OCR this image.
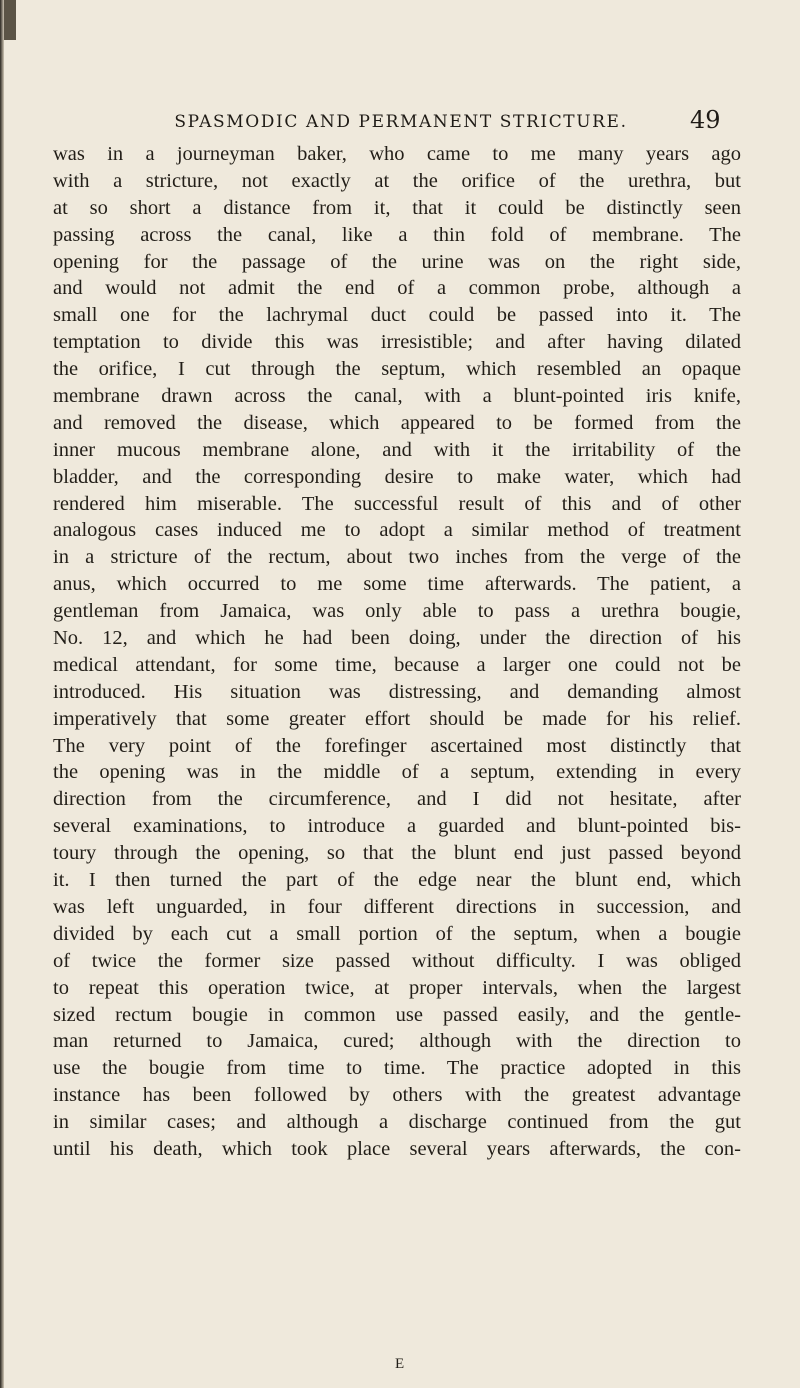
SPASMODIC AND PERMANENT STRICTURE.	49
was in a journeyman baker, who came to me many years ago
with a stricture, not exactly at the orifice of the urethra, but
at so short a distance from it, that it could be distinctly seen
passing across the canal, like a thin fold of membrane. The
opening for the passage of the urine was on the right side,
and would not admit the end of a common probe, although a
small one for the lachrymal duct could be passed into it. The
temptation to divide this was irresistible; and after having dilated
the orifice, I cut through the septum, which resembled an opaque
membrane drawn across the canal, with a blunt-pointed iris knife,
and removed the disease, which appeared to be formed from the
inner mucous membrane alone, and with it the irritability of the
bladder, and the corresponding desire to make water, which had
rendered him miserable. The successful result of this and of other
analogous cases induced me to adopt a similar method of treatment
in a stricture of the rectum, about two inches from the verge of the
anus, which occurred to me some time afterwards. The patient, a
gentleman from Jamaica, was only able to pass a urethra bougie,
No. 12, and which he had been doing, under the direction of his
medical attendant, for some time, because a larger one could not be
introduced. His situation was distressing, and demanding almost
imperatively that some greater effort should be made for his relief.
The very point of the forefinger ascertained most distinctly that
the opening was in the middle of a septum, extending in every
direction from the circumference, and I did not hesitate, after
several examinations, to introduce a guarded and blunt-pointed bis-
toury through the opening, so that the blunt end just passed beyond
it. I then turned the part of the edge near the blunt end, which
was left unguarded, in four different directions in succession, and
divided by each cut a small portion of the septum, when a bougie
of twice the former size passed without difficulty. I was obliged
to repeat this operation twice, at proper intervals, when the largest
sized rectum bougie in common use passed easily, and the gentle-
man returned to Jamaica, cured; although with the direction to
use the bougie from time to time. The practice adopted in this
instance has been followed by others with the greatest advantage
in similar cases; and although a discharge continued from the gut
until his death, which took place several years afterwards, the con-
E
